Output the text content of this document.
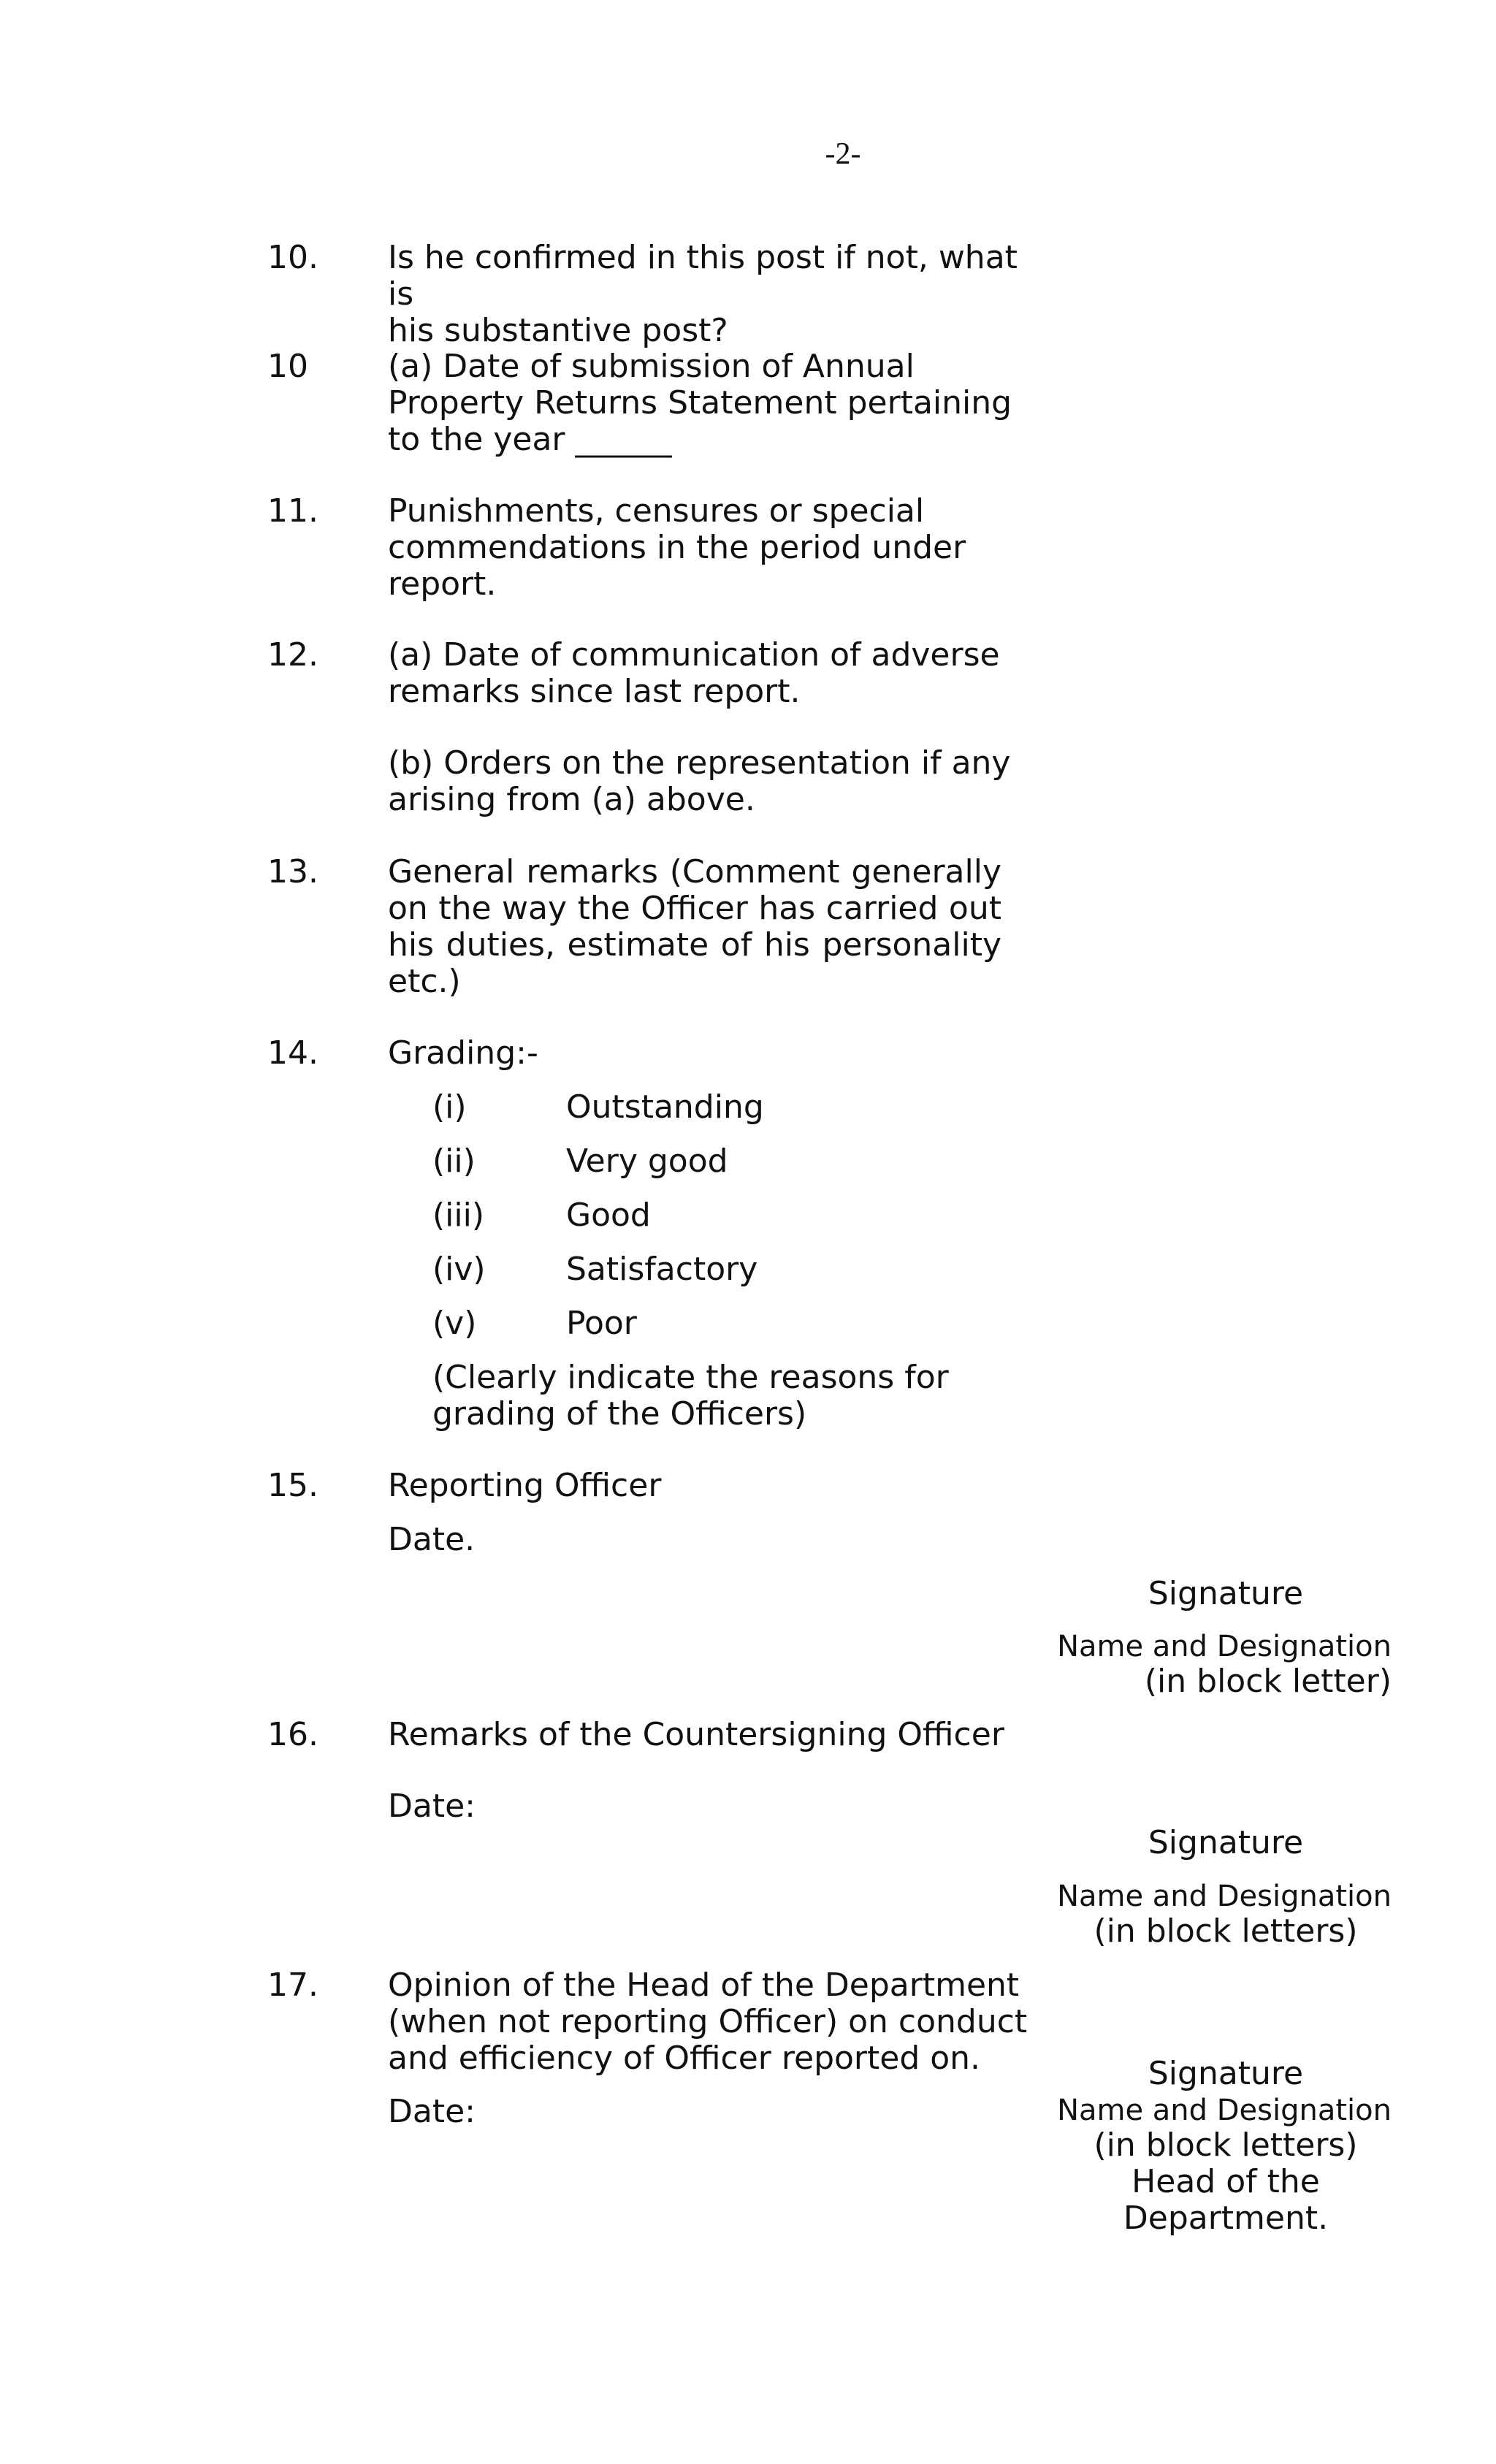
-2-
10. Is he confirmed in this post if not, what is
his substantive post?
10 (a) Date of submission of Annual
Property Returns Statement pertaining
to the year ______
11. Punishments, censures or special
commendations in the period under
report.
12. (a) Date of communication of adverse
remarks since last report.
(b) Orders on the representation if any
arising from (a) above.
13. General remarks (Comment generally
on the way the Officer has carried out
his duties, estimate of his personality
etc.)
14. Grading:-
(i)	Outstanding
(ii)	Very good
(iii)	Good
(iv)	Satisfactory
(v)	Poor
(Clearly indicate the reasons for
grading of the Officers)
15. Reporting Officer
Date.
Signature
Name and Designation
(in block letter)
16. Remarks of the Countersigning Officer
Date:
Signature
Name and Designation
(in block letters)
17. Opinion of the Head of the Department
(when not reporting Officer) on conduct
and efficiency of Officer reported on.
Date:
Signature
Name and Designation
(in block letters)
Head of the
Department.
